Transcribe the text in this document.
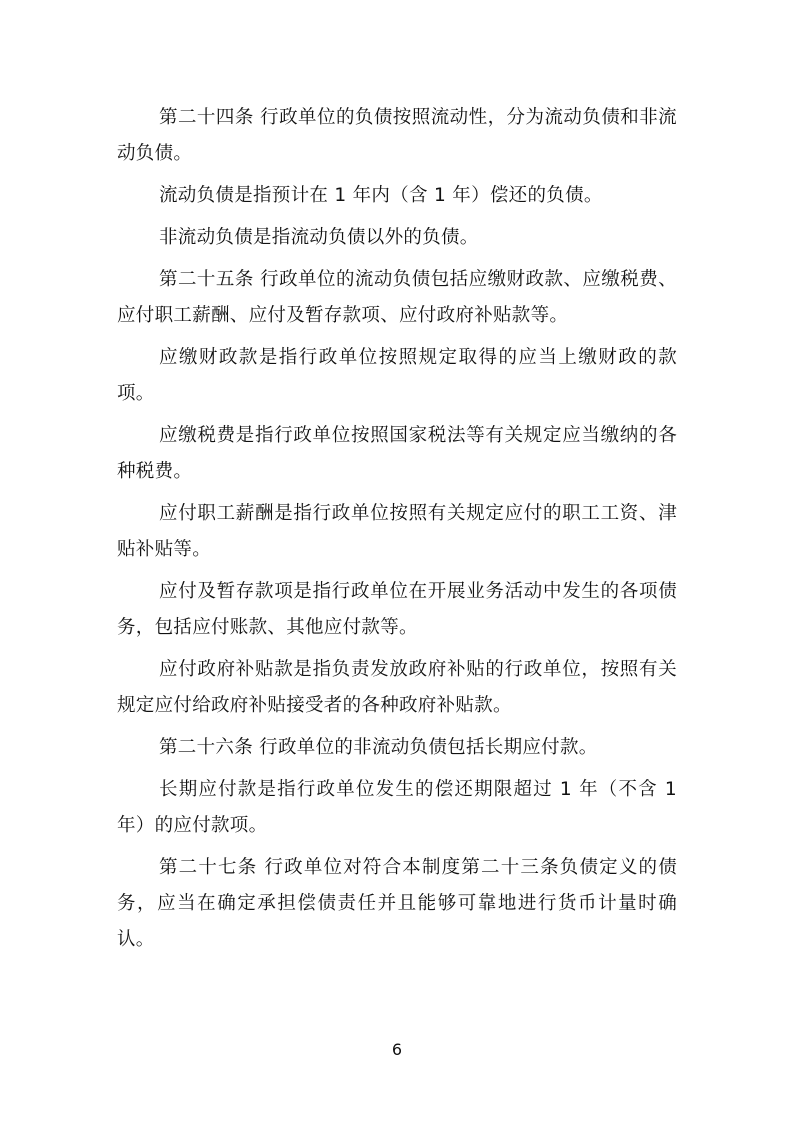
第二十四条 行政单位的负债按照流动性，分为流动负债和非流动负债。

流动负债是指预计在 1 年内（含 1 年）偿还的负债。

非流动负债是指流动负债以外的负债。

第二十五条 行政单位的流动负债包括应缴财政款、应缴税费、应付职工薪酬、应付及暂存款项、应付政府补贴款等。

应缴财政款是指行政单位按照规定取得的应当上缴财政的款项。

应缴税费是指行政单位按照国家税法等有关规定应当缴纳的各种税费。

应付职工薪酬是指行政单位按照有关规定应付的职工工资、津贴补贴等。

应付及暂存款项是指行政单位在开展业务活动中发生的各项债务，包括应付账款、其他应付款等。

应付政府补贴款是指负责发放政府补贴的行政单位，按照有关规定应付给政府补贴接受者的各种政府补贴款。

第二十六条 行政单位的非流动负债包括长期应付款。

长期应付款是指行政单位发生的偿还期限超过 1 年（不含 1 年）的应付款项。

第二十七条 行政单位对符合本制度第二十三条负债定义的债务，应当在确定承担偿债责任并且能够可靠地进行货币计量时确认。

6
